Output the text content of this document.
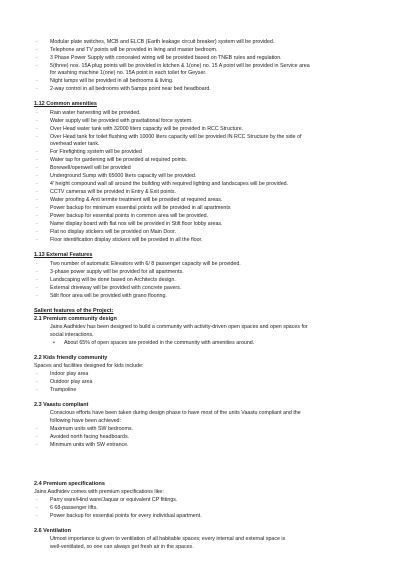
· Modular plate switches, MCB and ELCB (Earth leakage circuit breaker) system will be provided.
· Telephone and TV points will be provided in living and master bedroom.
· 3 Phase Power Supply with concealed wiring will be provided based on TNEB rules and regulation.
· 5(three) nos. 15A plug points will be provided in kitchen & 1(one) no. 15 A point will be provided in Service area
for washing machine 1(one) no. 15A point in each toilet for Geyser.
· Night lamps will be provided in all bedrooms & living.
· 2-way control in all bedrooms with 5amps point near bed headboard.
1.12 Common amenities
· Rain water harvesting will be provided.
· Water supply will be provided with gravitational force system.
· Over Head water tank with 32000 liters capacity will be provided in RCC Structure.
· Over Head tank for toilet flushing with 10000 liters capacity will be provided IN RCC Structure by the side of
overhead water tank.
· For Firefighting system will be provided
· Water tap for gardening will be provided at required points.
· Borewell/openwell will be provided
· Underground Sump with 65000 liters capacity will be provided.
· 4' height compound wall all around the building with required lighting and landscapes will be provided.
· CCTV cameras will be provided in Entry & Exit points.
· Water proofing & Anti termite treatment will be provided at required areas.
· Power backup for minimum essential points will be provided in all apartments
· Power backup for essential points in common area will be provided.
· Name display board with flat nos will be provided in Stilt floor lobby areas.
· Flat no display stickers will be provided on Main Door.
· Floor identification display stickers will be provided in all the floor.
1.13 External Features
· Two number of automatic Elevators with 6/ 8 passenger capacity will be provided.
· 3-phase power supply will be provided for all apartments.
· Landscaping will be done based on Architects design.
· External driveway will be provided with concrete pavers.
· Stilt floor area will be provided with grano flooring.
Salient features of the Project:
2.1 Premium community design
Jains Aadhidev has been designed to build a community with activity-driven open spaces and open spaces for
social interactions.
• About 65% of open spaces are provided in the community with amenities around.
2.2 Kids friendly community
Spaces and facilities designed for kids include:
· Indoor play area
· Outdoor play area
· Trampoline
2.3 Vaastu compliant
Conscious efforts have been taken during design phase to have most of the units Vaastu compliant and the
following have been achieved:
· Maximum units with SW bedrooms.
· Avoided north facing headboards.
· Minimum units with SW entrance.
2.4 Premium specifications
Jains Aadhidev comes with premium specifications like:
· Parry ware/Hind ware/Jaquar or equivalent CP fittings.
· 6 68-passenger lifts.
· Power backup for essential points for every individual apartment.
2.6 Ventilation
Utmost importance is given to ventilation of all habitable spaces; every internal and external space is
well-ventilated, so one can always get fresh air in the spaces.
